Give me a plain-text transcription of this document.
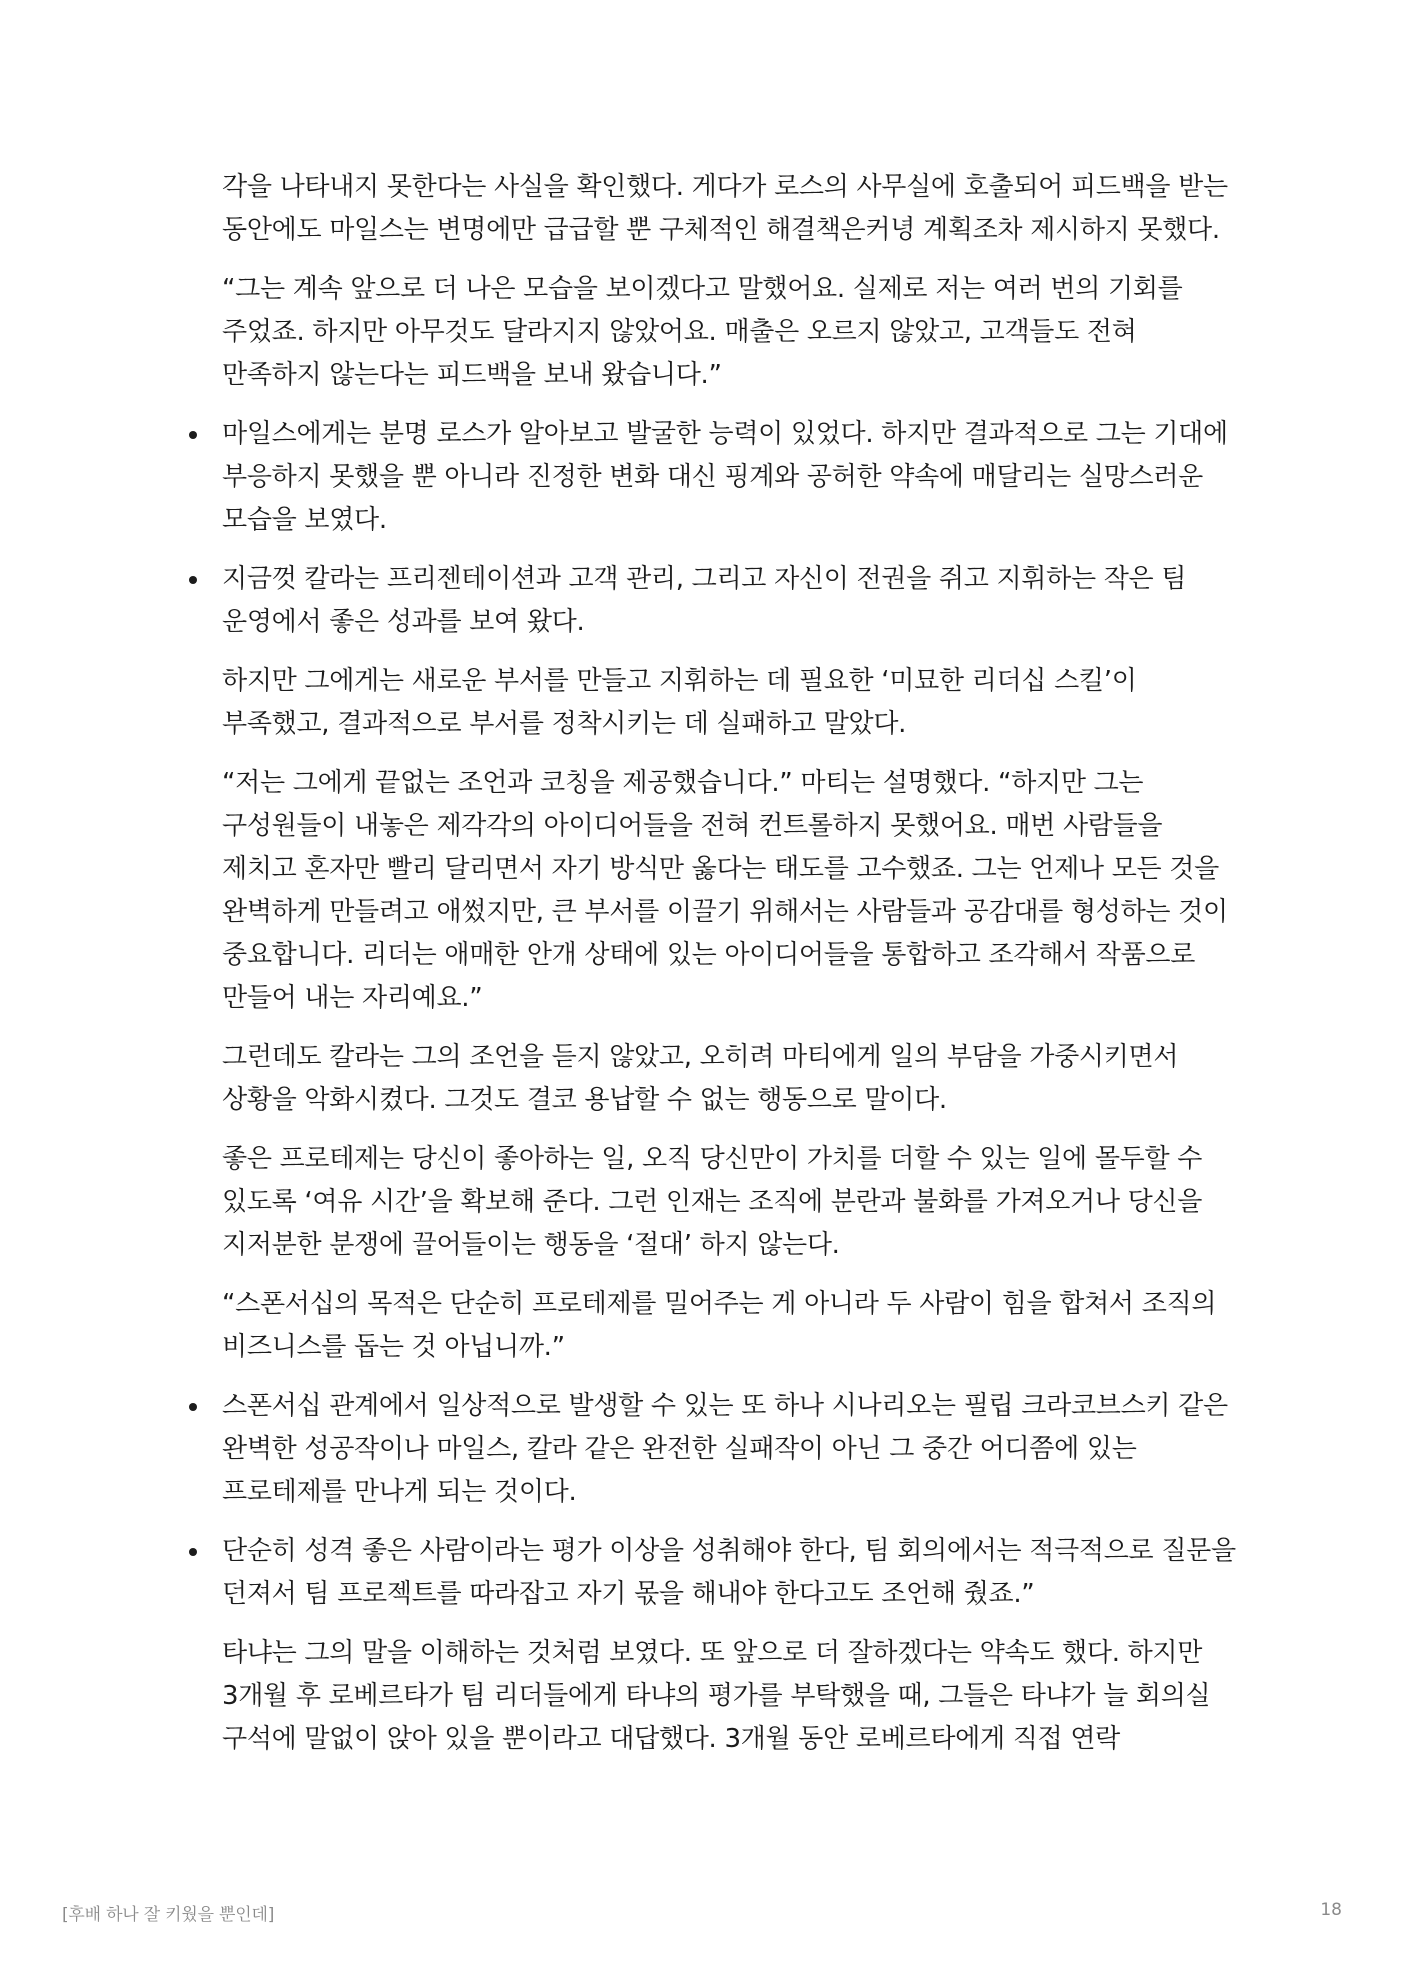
각을 나타내지 못한다는 사실을 확인했다. 게다가 로스의 사무실에 호출되어 피드백을 받는 동안에도 마일스는 변명에만 급급할 뿐 구체적인 해결책은커녕 계획조차 제시하지 못했다.

“그는 계속 앞으로 더 나은 모습을 보이겠다고 말했어요. 실제로 저는 여러 번의 기회를 주었죠. 하지만 아무것도 달라지지 않았어요. 매출은 오르지 않았고, 고객들도 전혀 만족하지 않는다는 피드백을 보내 왔습니다.”

마일스에게는 분명 로스가 알아보고 발굴한 능력이 있었다. 하지만 결과적으로 그는 기대에 부응하지 못했을 뿐 아니라 진정한 변화 대신 핑계와 공허한 약속에 매달리는 실망스러운 모습을 보였다.
지금껏 칼라는 프리젠테이션과 고객 관리, 그리고 자신이 전권을 쥐고 지휘하는 작은 팀 운영에서 좋은 성과를 보여 왔다.

하지만 그에게는 새로운 부서를 만들고 지휘하는 데 필요한 ‘미묘한 리더십 스킬’이 부족했고, 결과적으로 부서를 정착시키는 데 실패하고 말았다.

“저는 그에게 끝없는 조언과 코칭을 제공했습니다.” 마티는 설명했다. “하지만 그는 구성원들이 내놓은 제각각의 아이디어들을 전혀 컨트롤하지 못했어요. 매번 사람들을 제치고 혼자만 빨리 달리면서 자기 방식만 옳다는 태도를 고수했죠. 그는 언제나 모든 것을 완벽하게 만들려고 애썼지만, 큰 부서를 이끌기 위해서는 사람들과 공감대를 형성하는 것이 중요합니다. 리더는 애매한 안개 상태에 있는 아이디어들을 통합하고 조각해서 작품으로 만들어 내는 자리예요.”

그런데도 칼라는 그의 조언을 듣지 않았고, 오히려 마티에게 일의 부담을 가중시키면서 상황을 악화시켰다. 그것도 결코 용납할 수 없는 행동으로 말이다.

좋은 프로테제는 당신이 좋아하는 일, 오직 당신만이 가치를 더할 수 있는 일에 몰두할 수 있도록 ‘여유 시간’을 확보해 준다. 그런 인재는 조직에 분란과 불화를 가져오거나 당신을 지저분한 분쟁에 끌어들이는 행동을 ‘절대’ 하지 않는다.

“스폰서십의 목적은 단순히 프로테제를 밀어주는 게 아니라 두 사람이 힘을 합쳐서 조직의 비즈니스를 돕는 것 아닙니까.”

스폰서십 관계에서 일상적으로 발생할 수 있는 또 하나 시나리오는 필립 크라코브스키 같은 완벽한 성공작이나 마일스, 칼라 같은 완전한 실패작이 아닌 그 중간 어디쯤에 있는 프로테제를 만나게 되는 것이다.
단순히 성격 좋은 사람이라는 평가 이상을 성취해야 한다, 팀 회의에서는 적극적으로 질문을 던져서 팀 프로젝트를 따라잡고 자기 몫을 해내야 한다고도 조언해 줬죠.”

타냐는 그의 말을 이해하는 것처럼 보였다. 또 앞으로 더 잘하겠다는 약속도 했다. 하지만 3개월 후 로베르타가 팀 리더들에게 타냐의 평가를 부탁했을 때, 그들은 타냐가 늘 회의실 구석에 말없이 앉아 있을 뿐이라고 대답했다. 3개월 동안 로베르타에게 직접 연락

[후배 하나 잘 키웠을 뿐인데]	18
